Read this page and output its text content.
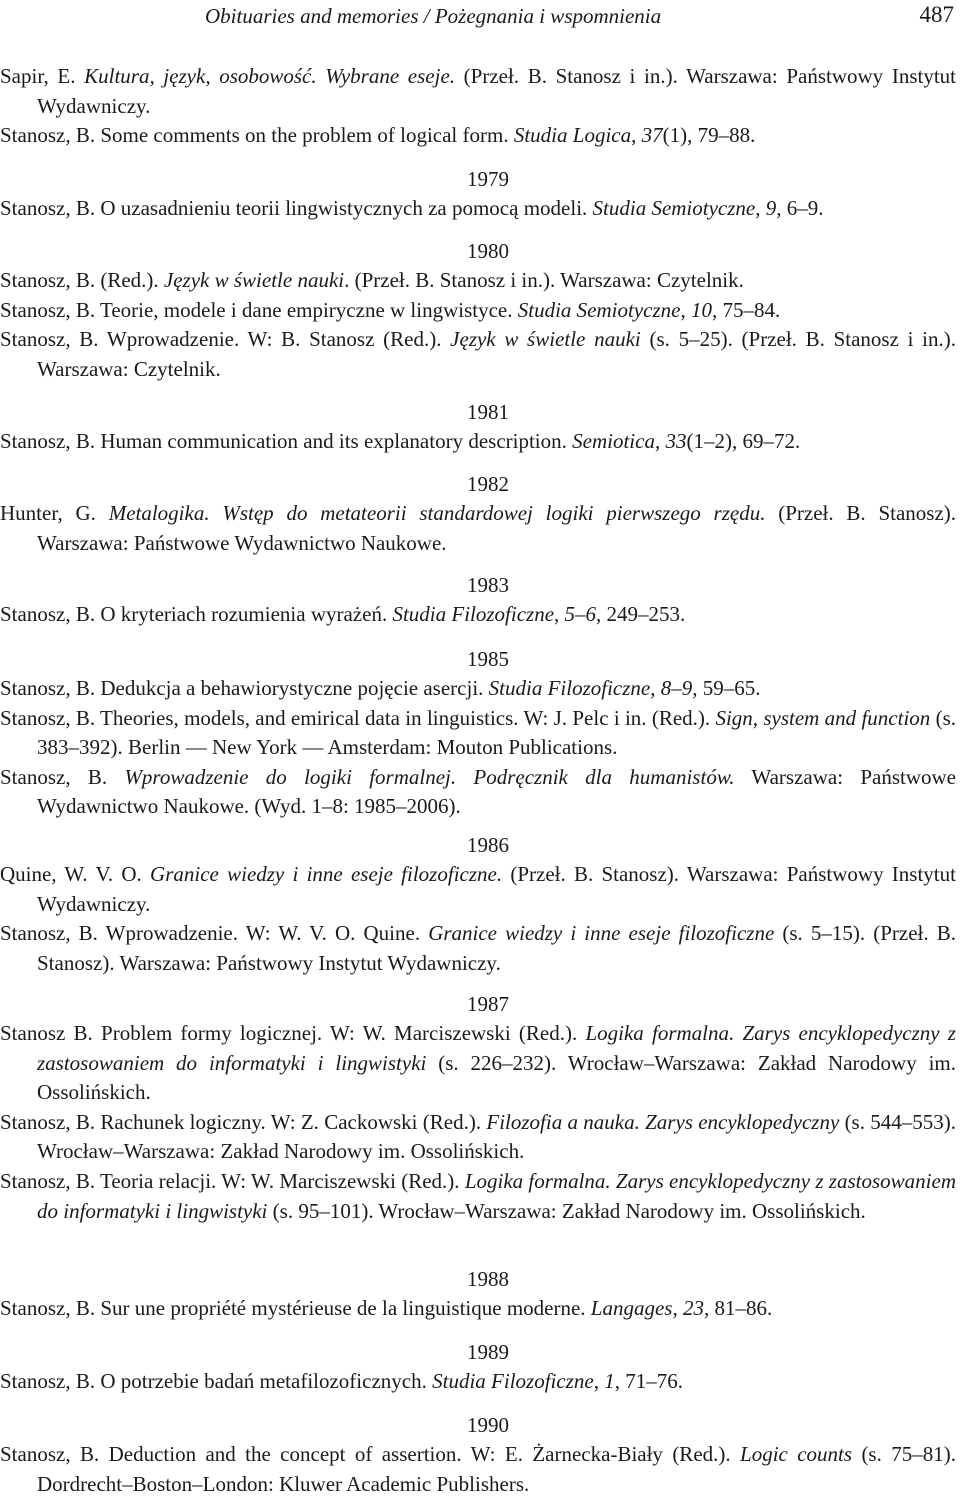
Obituaries and memories / Pożegnania i wspomnienia	487

Sapir, E. Kultura, język, osobowość. Wybrane eseje. (Przeł. B. Stanosz i in.). Warszawa: Państwowy Instytut Wydawniczy.

Stanosz, B. Some comments on the problem of logical form. Studia Logica, 37(1), 79–88.

1979

Stanosz, B. O uzasadnieniu teorii lingwistycznych za pomocą modeli. Studia Semiotyczne, 9, 6–9.

1980

Stanosz, B. (Red.). Język w świetle nauki. (Przeł. B. Stanosz i in.). Warszawa: Czytelnik.

Stanosz, B. Teorie, modele i dane empiryczne w lingwistyce. Studia Semiotyczne, 10, 75–84.

Stanosz, B. Wprowadzenie. W: B. Stanosz (Red.). Język w świetle nauki (s. 5–25). (Przeł. B. Stanosz i in.). Warszawa: Czytelnik.

1981

Stanosz, B. Human communication and its explanatory description. Semiotica, 33(1–2), 69–72.

1982

Hunter, G. Metalogika. Wstęp do metateorii standardowej logiki pierwszego rzędu. (Przeł. B. Stanosz). Warszawa: Państwowe Wydawnictwo Naukowe.

1983

Stanosz, B. O kryteriach rozumienia wyrażeń. Studia Filozoficzne, 5–6, 249–253.

1985

Stanosz, B. Dedukcja a behawiorystyczne pojęcie asercji. Studia Filozoficzne, 8–9, 59–65.

Stanosz, B. Theories, models, and emirical data in linguistics. W: J. Pelc i in. (Red.). Sign, system and function (s. 383–392). Berlin — New York — Amsterdam: Mouton Publications.

Stanosz, B. Wprowadzenie do logiki formalnej. Podręcznik dla humanistów. Warszawa: Państwowe Wydawnictwo Naukowe. (Wyd. 1–8: 1985–2006).

1986

Quine, W. V. O. Granice wiedzy i inne eseje filozoficzne. (Przeł. B. Stanosz). Warszawa: Państwowy Instytut Wydawniczy.

Stanosz, B. Wprowadzenie. W: W. V. O. Quine. Granice wiedzy i inne eseje filozoficzne (s. 5–15). (Przeł. B. Stanosz). Warszawa: Państwowy Instytut Wydawniczy.

1987

Stanosz B. Problem formy logicznej. W: W. Marciszewski (Red.). Logika formalna. Zarys encyklopedyczny z zastosowaniem do informatyki i lingwistyki (s. 226–232). Wrocław–Warszawa: Zakład Narodowy im. Ossolińskich.

Stanosz, B. Rachunek logiczny. W: Z. Cackowski (Red.). Filozofia a nauka. Zarys encyklopedyczny (s. 544–553). Wrocław–Warszawa: Zakład Narodowy im. Ossolińskich.

Stanosz, B. Teoria relacji. W: W. Marciszewski (Red.). Logika formalna. Zarys encyklopedyczny z zastosowaniem do informatyki i lingwistyki (s. 95–101). Wrocław–Warszawa: Zakład Narodowy im. Ossolińskich.

1988

Stanosz, B. Sur une propriété mystérieuse de la linguistique moderne. Langages, 23, 81–86.

1989

Stanosz, B. O potrzebie badań metafilozoficznych. Studia Filozoficzne, 1, 71–76.

1990

Stanosz, B. Deduction and the concept of assertion. W: E. Żarnecka-Biały (Red.). Logic counts (s. 75–81). Dordrecht–Boston–London: Kluwer Academic Publishers.
